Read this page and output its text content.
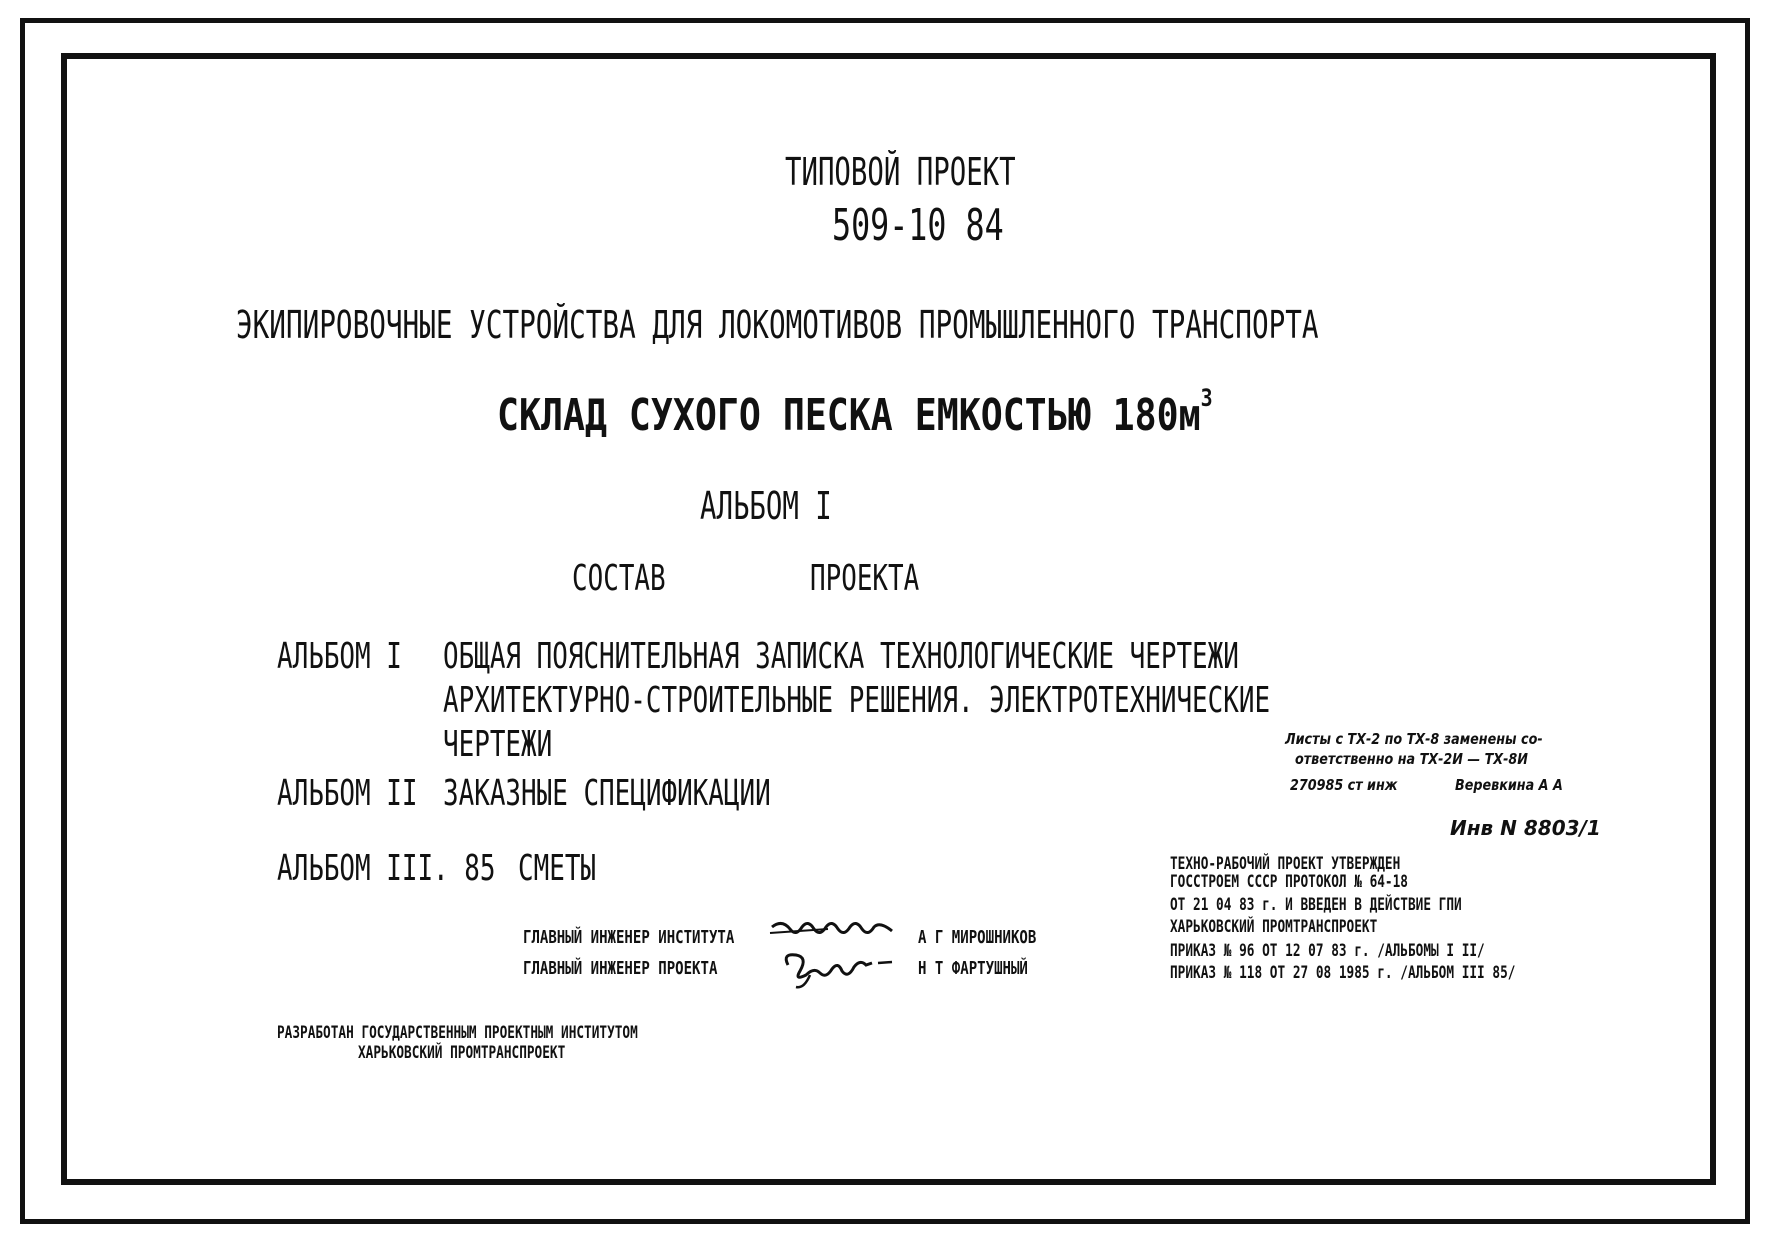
ТИПОВОЙ ПРОЕКТ
509-10 84
ЭКИПИРОВОЧНЫЕ УСТРОЙСТВА ДЛЯ ЛОКОМОТИВОВ ПРОМЫШЛЕННОГО ТРАНСПОРТА
СКЛАД СУХОГО ПЕСКА ЕМКОСТЬЮ $180м^3$
АЛЬБОМ I
СОСТАВ	ПРОЕКТА
АЛЬБОМ I ОБЩАЯ ПОЯСНИТЕЛЬНАЯ ЗАПИСКА ТЕХНОЛОГИЧЕСКИЕ ЧЕРТЕЖИ
АРХИТЕКТУРНО-СТРОИТЕЛЬНЫЕ РЕШЕНИЯ. ЭЛЕКТРОТЕХНИЧЕСКИЕ
ЧЕРТЕЖИ
АЛЬБОМ II ЗАКАЗНЫЕ СПЕЦИФИКАЦИИ
АЛЬБОМ III. 85 СМЕТЫ
Листы с ТХ-2 по ТХ-8 заменены со-
ответственно на ТХ-2И — ТХ-8И
270985 ст инж	Веревкина А А
Инв N 8803/1
ТЕХНО-РАБОЧИЙ ПРОЕКТ УТВЕРЖДЕН
ГОССТРОЕМ СССР ПРОТОКОЛ № 64-18
ОТ 21 04 83 г. И ВВЕДЕН В ДЕЙСТВИЕ ГПИ
ХАРЬКОВСКИЙ ПРОМТРАНСПРОЕКТ
ПРИКАЗ № 96 ОТ 12 07 83 г. /АЛЬБОМЫ I II/
ПРИКАЗ № 118 ОТ 27 08 1985 г. /АЛЬБОМ III 85/
ГЛАВНЫЙ ИНЖЕНЕР ИНСТИТУТА	А Г МИРОШНИКОВ
ГЛАВНЫЙ ИНЖЕНЕР ПРОЕКТА	Н Т ФАРТУШНЫЙ
РАЗРАБОТАН ГОСУДАРСТВЕННЫМ ПРОЕКТНЫМ ИНСТИТУТОМ
ХАРЬКОВСКИЙ ПРОМТРАНСПРОЕКТ
